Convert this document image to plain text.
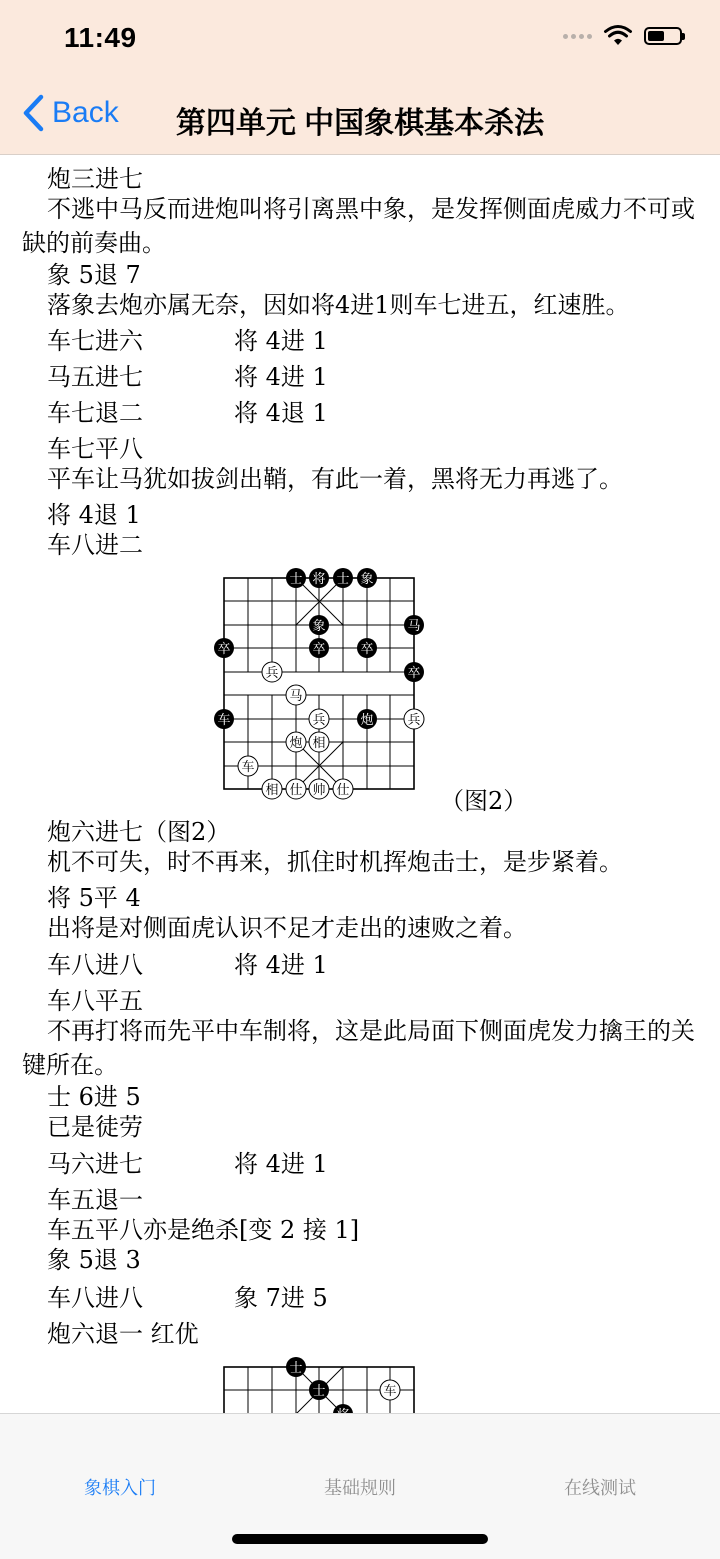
11:49
Back	第四单元 中国象棋基本杀法
炮三进七
不逃中马反而进炮叫将引离黑中象，是发挥侧面虎威力不可或缺的前奏曲。
象 5退 7
落象去炮亦属无奈，因如将4进1则车七进五，红速胜。
车七进六	将 4进 1
马五进七	将 4进 1
车七退二	将 4退 1
车七平八
平车让马犹如拔剑出鞘，有此一着，黑将无力再逃了。
将 4退 1
车八进二
士 将 士 象
象	马
卒	卒	卒
卒
车	炮
兵
马
兵	兵
炮 相
车
相 仕 帅 仕	（图2）
炮六进七（图2）
机不可失，时不再来，抓住时机挥炮击士，是步紧着。
将 5平 4
出将是对侧面虎认识不足才走出的速败之着。
车八进八	将 4进 1
车八平五
不再打将而先平中车制将，这是此局面下侧面虎发力擒王的关键所在。
士 6进 5
已是徒劳
马六进七	将 4进 1
车五退一
车五平八亦是绝杀[变 2 接 1]
象 5退 3
车八进八	象 7进 5
炮六退一 红优
士
士	车
象棋入门	基础规则	在线测试
